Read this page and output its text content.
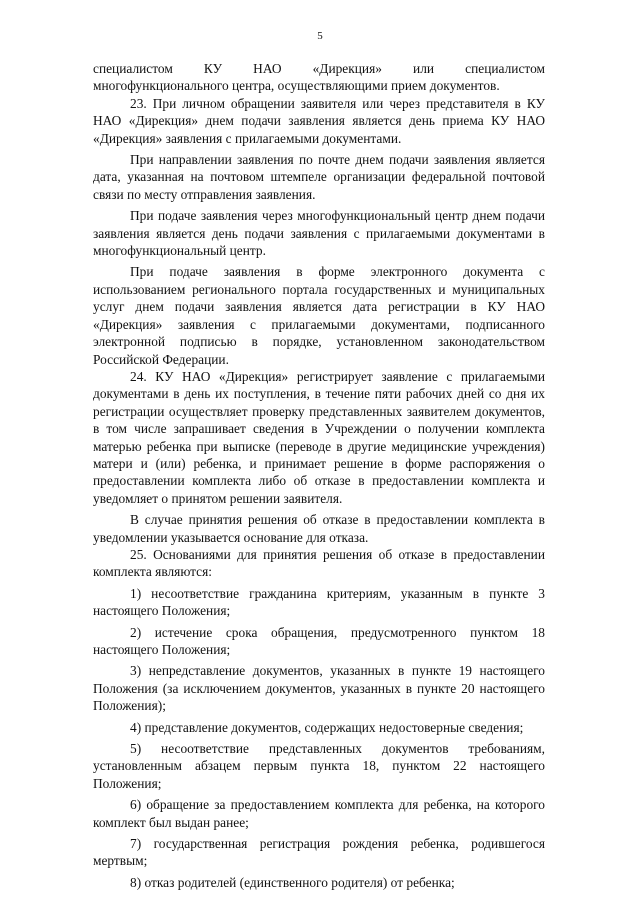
5

специалистом КУ НАО «Дирекция» или специалистом многофункционального центра, осуществляющими прием документов.

23. При личном обращении заявителя или через представителя в КУ НАО «Дирекция» днем подачи заявления является день приема КУ НАО «Дирекция» заявления с прилагаемыми документами.

При направлении заявления по почте днем подачи заявления является дата, указанная на почтовом штемпеле организации федеральной почтовой связи по месту отправления заявления.

При подаче заявления через многофункциональный центр днем подачи заявления является день подачи заявления с прилагаемыми документами в многофункциональный центр.

При подаче заявления в форме электронного документа с использованием регионального портала государственных и муниципальных услуг днем подачи заявления является дата регистрации в КУ НАО «Дирекция» заявления с прилагаемыми документами, подписанного электронной подписью в порядке, установленном законодательством Российской Федерации.

24. КУ НАО «Дирекция» регистрирует заявление с прилагаемыми документами в день их поступления, в течение пяти рабочих дней со дня их регистрации осуществляет проверку представленных заявителем документов, в том числе запрашивает сведения в Учреждении о получении комплекта матерью ребенка при выписке (переводе в другие медицинские учреждения) матери и (или) ребенка, и принимает решение в форме распоряжения о предоставлении комплекта либо об отказе в предоставлении комплекта и уведомляет о принятом решении заявителя.

В случае принятия решения об отказе в предоставлении комплекта в уведомлении указывается основание для отказа.

25. Основаниями для принятия решения об отказе в предоставлении комплекта являются:

1) несоответствие гражданина критериям, указанным в пункте 3 настоящего Положения;

2) истечение срока обращения, предусмотренного пунктом 18 настоящего Положения;

3) непредставление документов, указанных в пункте 19 настоящего Положения (за исключением документов, указанных в пункте 20 настоящего Положения);

4) представление документов, содержащих недостоверные сведения;

5) несоответствие представленных документов требованиям, установленным абзацем первым пункта 18, пунктом 22 настоящего Положения;

6) обращение за предоставлением комплекта для ребенка, на которого комплект был выдан ранее;

7) государственная регистрация рождения ребенка, родившегося мертвым;

8) отказ родителей (единственного родителя) от ребенка;
